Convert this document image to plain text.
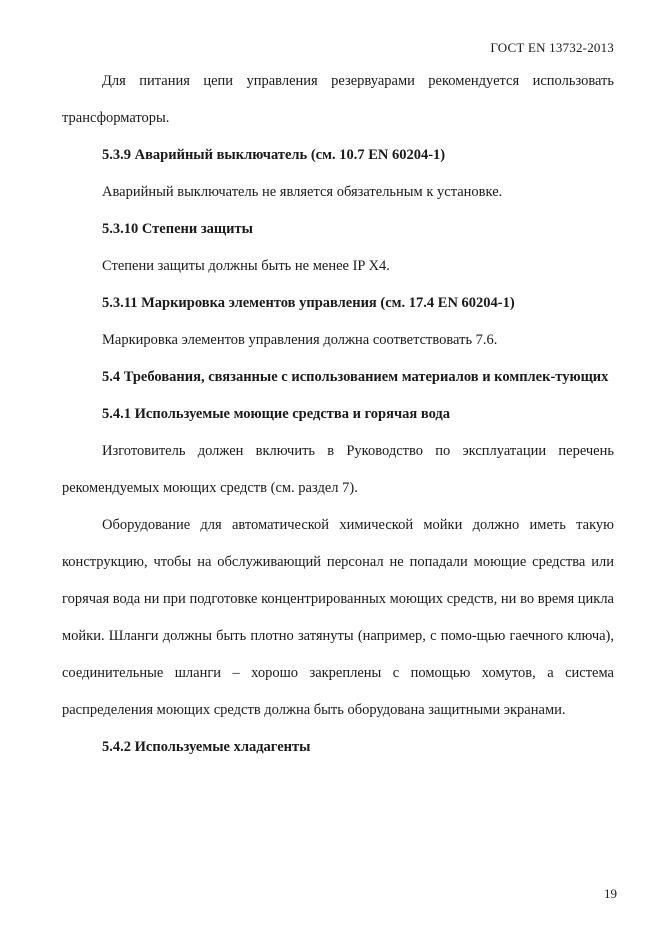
ГОСТ EN 13732-2013

Для питания цепи управления резервуарами рекомендуется использовать трансформаторы.

5.3.9 Аварийный выключатель (см. 10.7 EN 60204-1)

Аварийный выключатель не является обязательным к установке.

5.3.10 Степени защиты

Степени защиты должны быть не менее IP X4.

5.3.11 Маркировка элементов управления (см. 17.4 EN 60204-1)

Маркировка элементов управления должна соответствовать 7.6.

5.4 Требования, связанные с использованием материалов и комплек-тующих

5.4.1 Используемые моющие средства и горячая вода

Изготовитель должен включить в Руководство по эксплуатации перечень рекомендуемых моющих средств (см. раздел 7).

Оборудование для автоматической химической мойки должно иметь такую конструкцию, чтобы на обслуживающий персонал не попадали моющие средства или горячая вода ни при подготовке концентрированных моющих средств, ни во время цикла мойки. Шланги должны быть плотно затянуты (например, с помо-щью гаечного ключа), соединительные шланги – хорошо закреплены с помощью хомутов, а система распределения моющих средств должна быть оборудована защитными экранами.

5.4.2 Используемые хладагенты

19
